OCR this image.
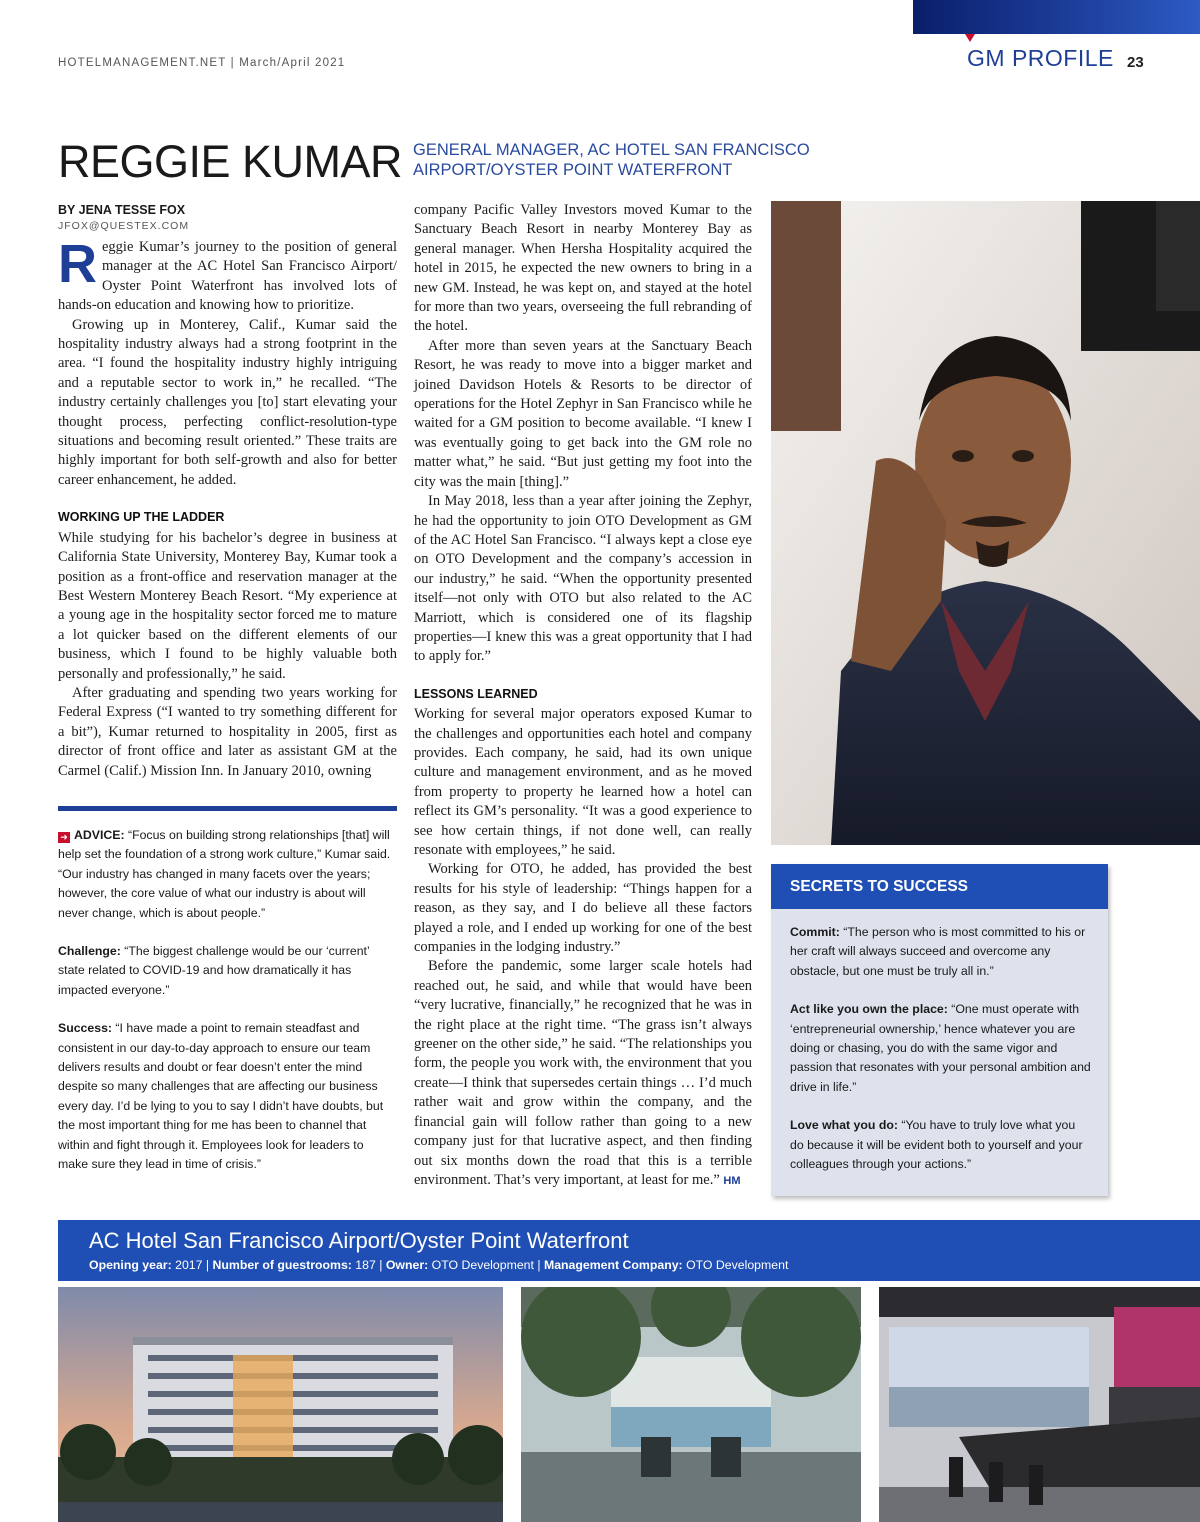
HOTELMANAGEMENT.NET | March/April 2021	GM PROFILE 23
REGGIE KUMAR GENERAL MANAGER, AC HOTEL SAN FRANCISCO AIRPORT/OYSTER POINT WATERFRONT
BY JENA TESSE FOX
JFOX@QUESTEX.COM

Reggie Kumar’s journey to the position of general manager at the AC Hotel San Francisco Airport/ Oyster Point Waterfront has involved lots of hands-on education and knowing how to prioritize.

Growing up in Monterey, Calif., Kumar said the hospitality industry always had a strong footprint in the area. “I found the hospitality industry highly intriguing and a reputable sector to work in,” he recalled. “The industry certainly challenges you [to] start elevating your thought process, perfecting conflict-resolution-type situations and becoming result oriented.” These traits are highly important for both self-growth and also for better career enhancement, he added.

WORKING UP THE LADDER

While studying for his bachelor’s degree in business at California State University, Monterey Bay, Kumar took a position as a front-office and reservation manager at the Best Western Monterey Beach Resort. “My experience at a young age in the hospitality sector forced me to mature a lot quicker based on the different elements of our business, which I found to be highly valuable both personally and professionally,” he said.

After graduating and spending two years working for Federal Express (“I wanted to try something different for a bit”), Kumar returned to hospitality in 2005, first as director of front office and later as assistant GM at the Carmel (Calif.) Mission Inn. In January 2010, owning

company Pacific Valley Investors moved Kumar to the Sanctuary Beach Resort in nearby Monterey Bay as general manager. When Hersha Hospitality acquired the hotel in 2015, he expected the new owners to bring in a new GM. Instead, he was kept on, and stayed at the hotel for more than two years, overseeing the full rebranding of the hotel.

After more than seven years at the Sanctuary Beach Resort, he was ready to move into a bigger market and joined Davidson Hotels & Resorts to be director of operations for the Hotel Zephyr in San Francisco while he waited for a GM position to become available. “I knew I was eventually going to get back into the GM role no matter what,” he said. “But just getting my foot into the city was the main [thing].”

In May 2018, less than a year after joining the Zephyr, he had the opportunity to join OTO Development as GM of the AC Hotel San Francisco. “I always kept a close eye on OTO Development and the company’s accession in our industry,” he said. “When the opportunity presented itself—not only with OTO but also related to the AC Marriott, which is considered one of its flagship properties—I knew this was a great opportunity that I had to apply for.”

LESSONS LEARNED

Working for several major operators exposed Kumar to the challenges and opportunities each hotel and company provides. Each company, he said, had its own unique culture and management environment, and as he moved from property to property he learned how a hotel can reflect its GM’s personality. “It was a good experience to see how certain things, if not done well, can really resonate with employees,” he said.

Working for OTO, he added, has provided the best results for his style of leadership: “Things happen for a reason, as they say, and I do believe all these factors played a role, and I ended up working for one of the best companies in the lodging industry.”

Before the pandemic, some larger scale hotels had reached out, he said, and while that would have been “very lucrative, financially,” he recognized that he was in the right place at the right time. “The grass isn’t always greener on the other side,” he said. “The relationships you form, the people you work with, the environment that you create—I think that supersedes certain things … I’d much rather wait and grow within the company, and the financial gain will follow rather than going to a new company just for that lucrative aspect, and then finding out six months down the road that this is a terrible environment. That’s very important, at least for me.” HM

➜ ADVICE: “Focus on building strong relationships [that] will help set the foundation of a strong work culture,” Kumar said. “Our industry has changed in many facets over the years; however, the core value of what our industry is about will never change, which is about people.”

Challenge: “The biggest challenge would be our ‘current’ state related to COVID-19 and how dramatically it has impacted everyone.”

Success: “I have made a point to remain steadfast and consistent in our day-to-day approach to ensure our team delivers results and doubt or fear doesn’t enter the mind despite so many challenges that are affecting our business every day. I’d be lying to you to say I didn’t have doubts, but the most important thing for me has been to channel that within and fight through it. Employees look for leaders to make sure they lead in time of crisis.”

SECRETS TO SUCCESS

Commit: “The person who is most committed to his or her craft will always succeed and overcome any obstacle, but one must be truly all in.”

Act like you own the place: “One must operate with ‘entrepreneurial ownership,’ hence whatever you are doing or chasing, you do with the same vigor and passion that resonates with your personal ambition and drive in life.”

Love what you do: “You have to truly love what you do because it will be evident both to yourself and your colleagues through your actions.”

AC Hotel San Francisco Airport/Oyster Point Waterfront
Opening year: 2017 | Number of guestrooms: 187 | Owner: OTO Development | Management Company: OTO Development
